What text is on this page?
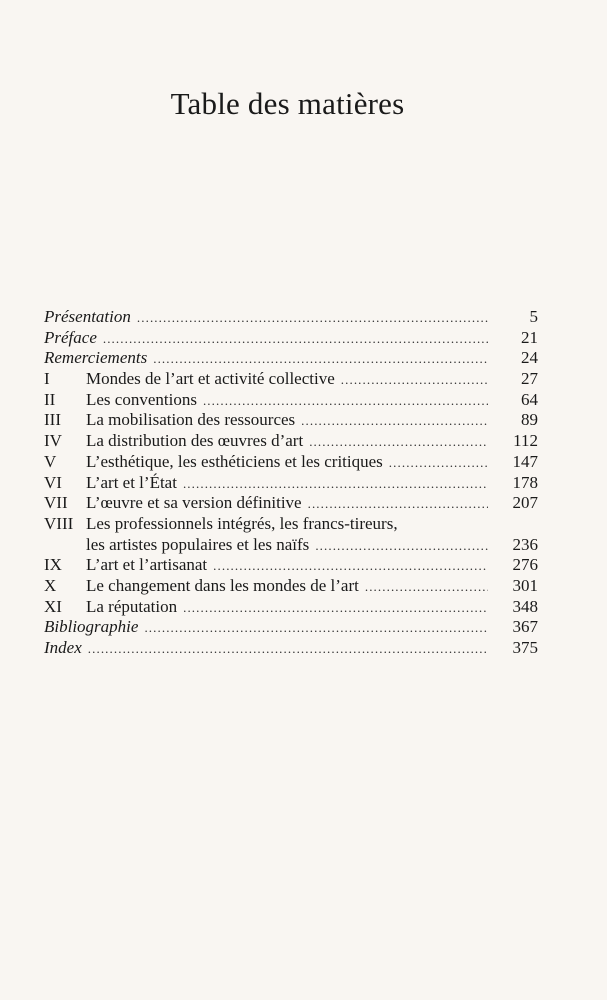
Table des matières
Présentation .....	5
Préface .....	21
Remerciements .....	24
I	Mondes de l’art et activité collective .....	27
II	Les conventions .....	64
III	La mobilisation des ressources .....	89
IV	La distribution des œuvres d’art .....	112
V	L’esthétique, les esthéticiens et les critiques .....	147
VI	L’art et l’État .....	178
VII	L’œuvre et sa version définitive .....	207
VIII Les professionnels intégrés, les francs-tireurs,
les artistes populaires et les naïfs .....	236
IX	L’art et l’artisanat .....	276
X	Le changement dans les mondes de l’art .....	301
XI	La réputation .....	348
Bibliographie .....	367
Index .....	375
